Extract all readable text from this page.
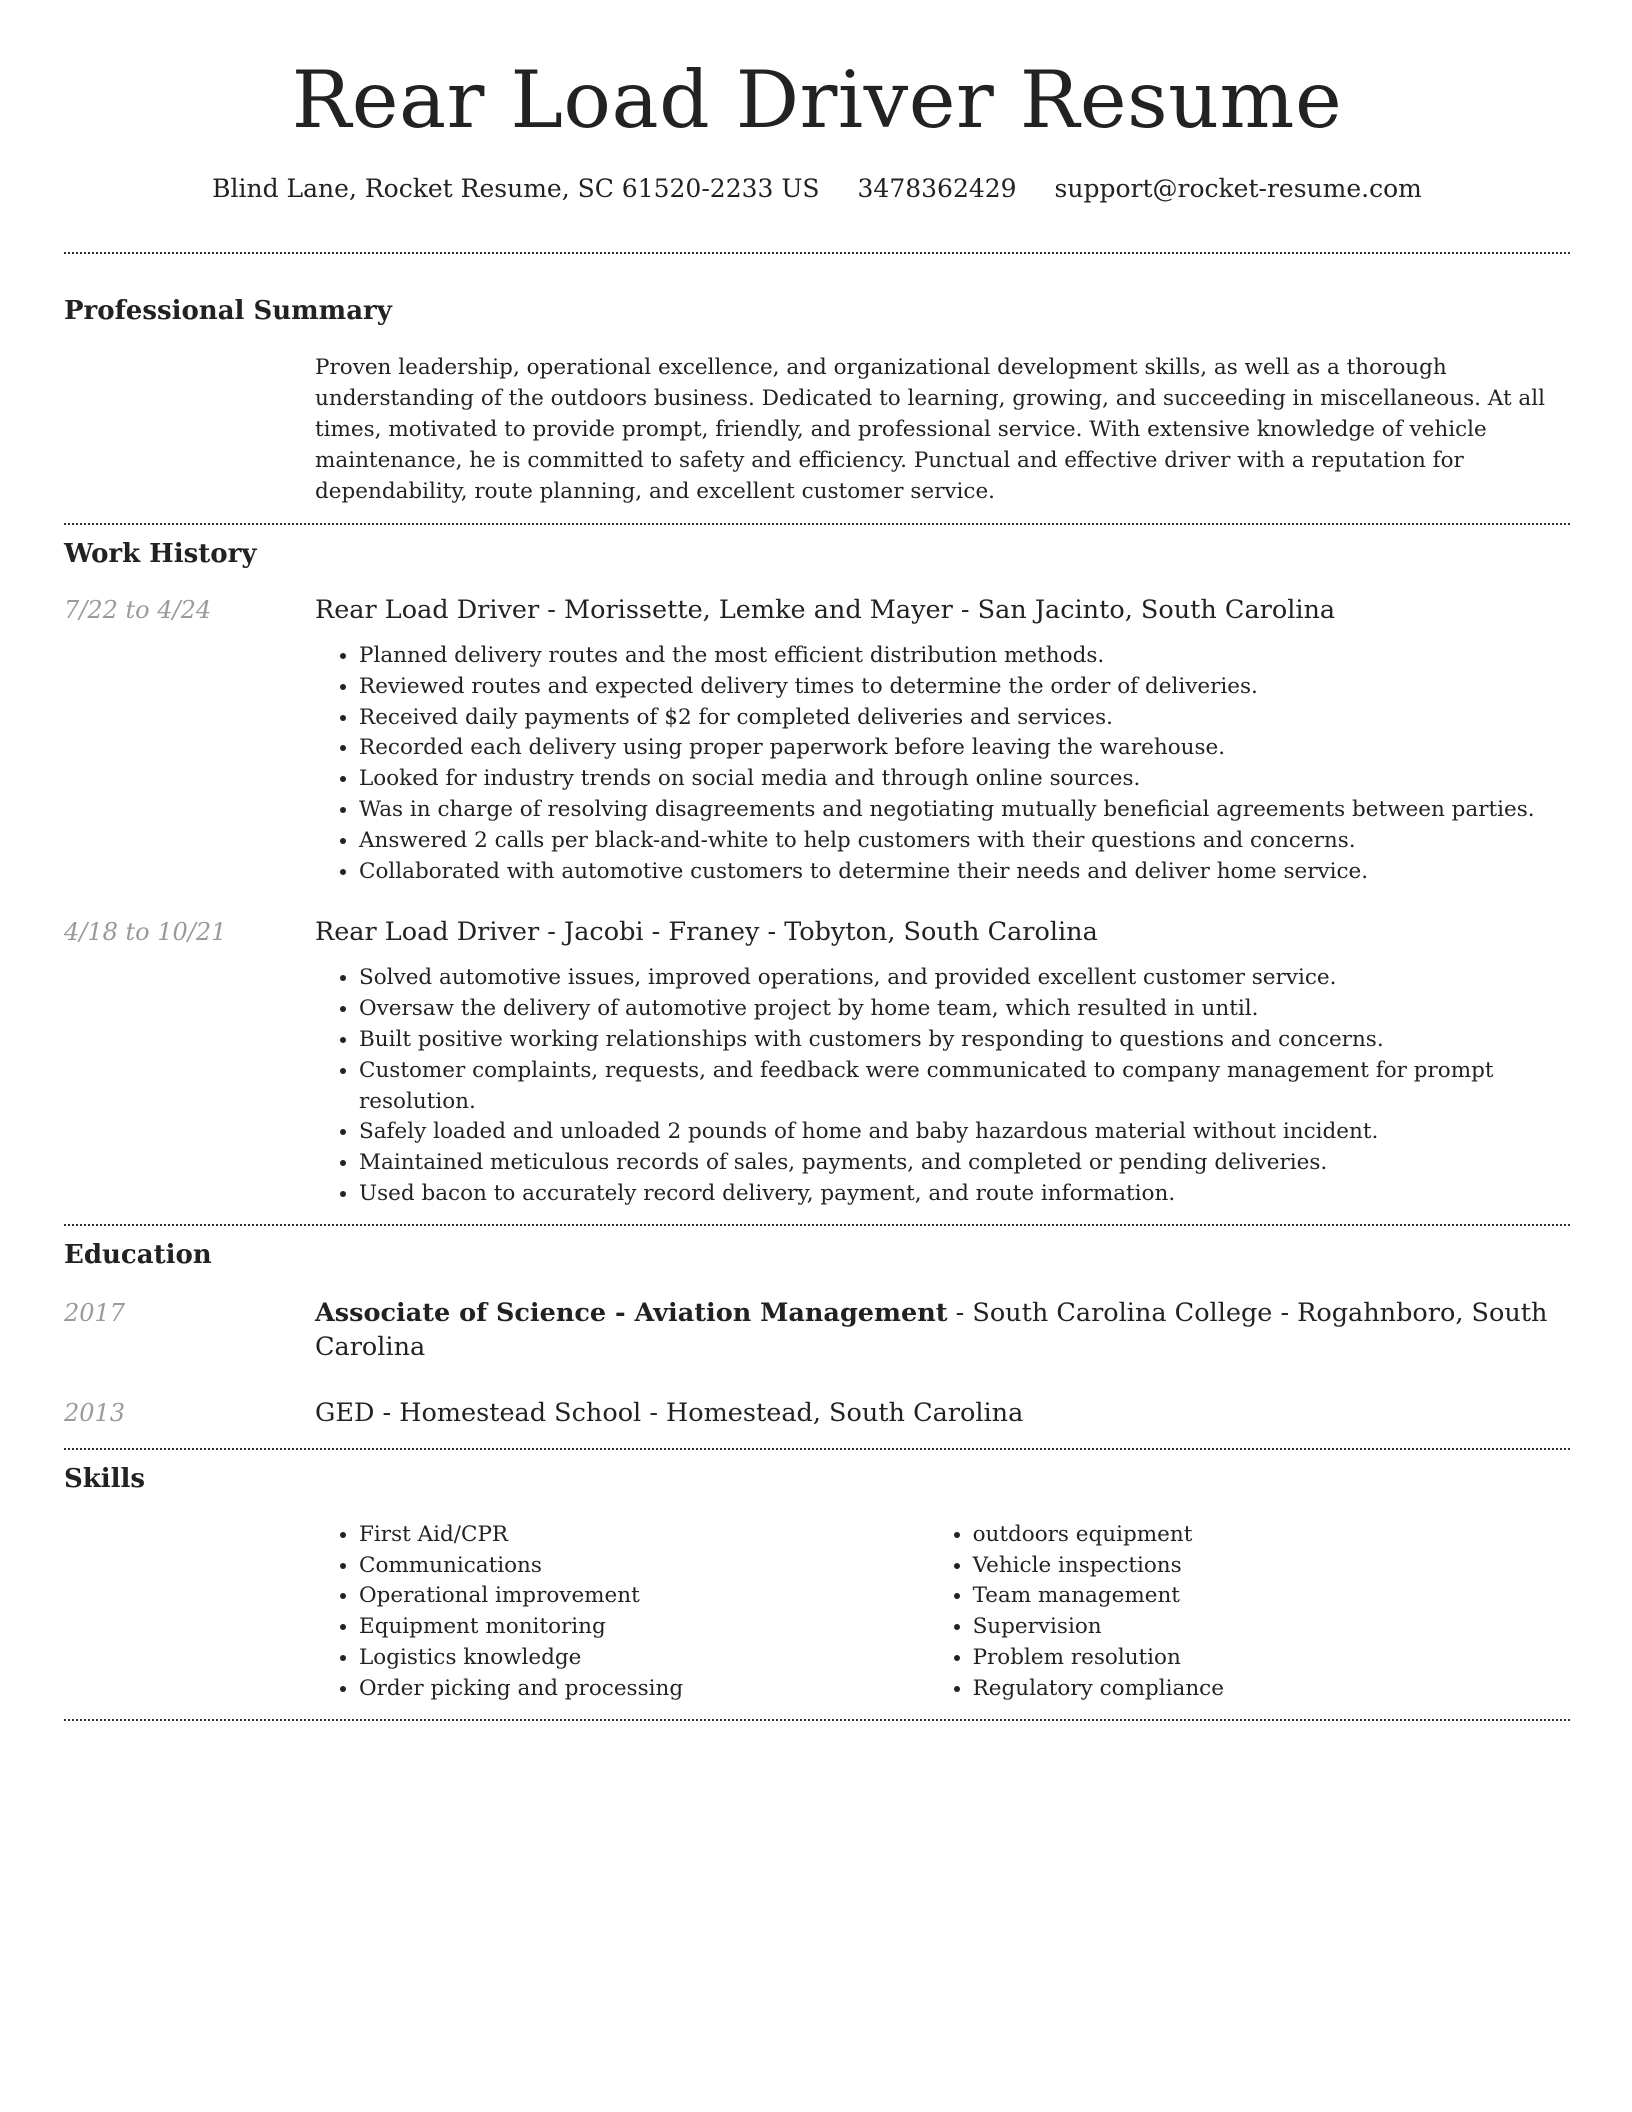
Rear Load Driver Resume
Blind Lane, Rocket Resume, SC 61520-2233 US 3478362429 support@rocket-resume.com
Professional Summary

Proven leadership, operational excellence, and organizational development skills, as well as a thorough understanding of the outdoors business. Dedicated to learning, growing, and succeeding in miscellaneous. At all times, motivated to provide prompt, friendly, and professional service. With extensive knowledge of vehicle maintenance, he is committed to safety and efficiency. Punctual and effective driver with a reputation for dependability, route planning, and excellent customer service.

Work History
7/22 to 4/24	Rear Load Driver - Morissette, Lemke and Mayer - San Jacinto, South Carolina
• Planned delivery routes and the most efficient distribution methods.
• Reviewed routes and expected delivery times to determine the order of deliveries.
• Received daily payments of $2 for completed deliveries and services.
• Recorded each delivery using proper paperwork before leaving the warehouse.
• Looked for industry trends on social media and through online sources.
• Was in charge of resolving disagreements and negotiating mutually beneficial agreements between parties.
• Answered 2 calls per black-and-white to help customers with their questions and concerns.
• Collaborated with automotive customers to determine their needs and deliver home service.
4/18 to 10/21	Rear Load Driver - Jacobi - Franey - Tobyton, South Carolina
• Solved automotive issues, improved operations, and provided excellent customer service.
• Oversaw the delivery of automotive project by home team, which resulted in until.
• Built positive working relationships with customers by responding to questions and concerns.
• Customer complaints, requests, and feedback were communicated to company management for prompt resolution.
• Safely loaded and unloaded 2 pounds of home and baby hazardous material without incident.
• Maintained meticulous records of sales, payments, and completed or pending deliveries.
• Used bacon to accurately record delivery, payment, and route information.
Education
2017	Associate of Science - Aviation Management - South Carolina College - Rogahnboro, South Carolina
2013	GED - Homestead School - Homestead, South Carolina
Skills
• First Aid/CPR
• Communications
• Operational improvement
• Equipment monitoring
• Logistics knowledge
• Order picking and processing
• outdoors equipment
• Vehicle inspections
• Team management
• Supervision
• Problem resolution
• Regulatory compliance
